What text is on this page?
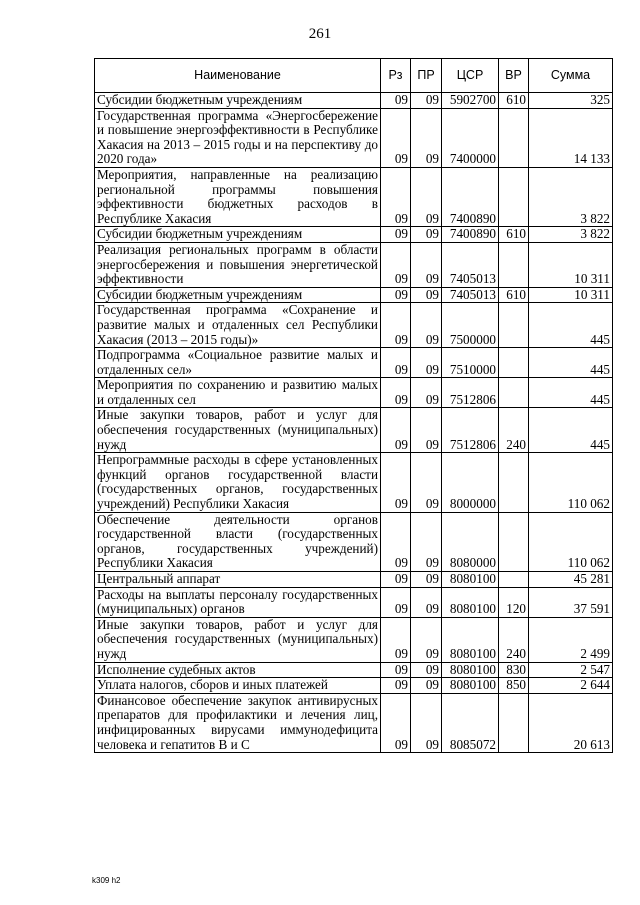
261
Наименование	Рз	ПР	ЦСР	ВР	Сумма
Субсидии бюджетным учреждениям	09	09	5902700	610	325
Государственная программа «Энергосбережение и повышение энергоэффективности в Республике Хакасия на 2013 – 2015 годы и на перспективу до 2020 года»	09	09	7400000		14 133
Мероприятия, направленные на реализацию региональной программы повышения эффективности бюджетных расходов в Республике Хакасия	09	09	7400890		3 822
Субсидии бюджетным учреждениям	09	09	7400890	610	3 822
Реализация региональных программ в области энергосбережения и повышения энергетической эффективности	09	09	7405013		10 311
Субсидии бюджетным учреждениям	09	09	7405013	610	10 311
Государственная программа «Сохранение и развитие малых и отдаленных сел Республики Хакасия (2013 – 2015 годы)»	09	09	7500000		445
Подпрограмма «Социальное развитие малых и отдаленных сел»	09	09	7510000		445
Мероприятия по сохранению и развитию малых и отдаленных сел	09	09	7512806		445
Иные закупки товаров, работ и услуг для обеспечения государственных (муниципальных) нужд	09	09	7512806	240	445
Непрограммные расходы в сфере установленных функций органов государственной власти (государственных органов, государственных учреждений) Республики Хакасия	09	09	8000000		110 062
Обеспечение деятельности органов государственной власти (государственных органов, государственных учреждений) Республики Хакасия	09	09	8080000		110 062
Центральный аппарат	09	09	8080100		45 281
Расходы на выплаты персоналу государственных (муниципальных) органов	09	09	8080100	120	37 591
Иные закупки товаров, работ и услуг для обеспечения государственных (муниципальных) нужд	09	09	8080100	240	2 499
Исполнение судебных актов	09	09	8080100	830	2 547
Уплата налогов, сборов и иных платежей	09	09	8080100	850	2 644
Финансовое обеспечение закупок антивирусных препаратов для профилактики и лечения лиц, инфицированных вирусами иммунодефицита человека и гепатитов В и С	09	09	8085072		20 613
k309 h2
